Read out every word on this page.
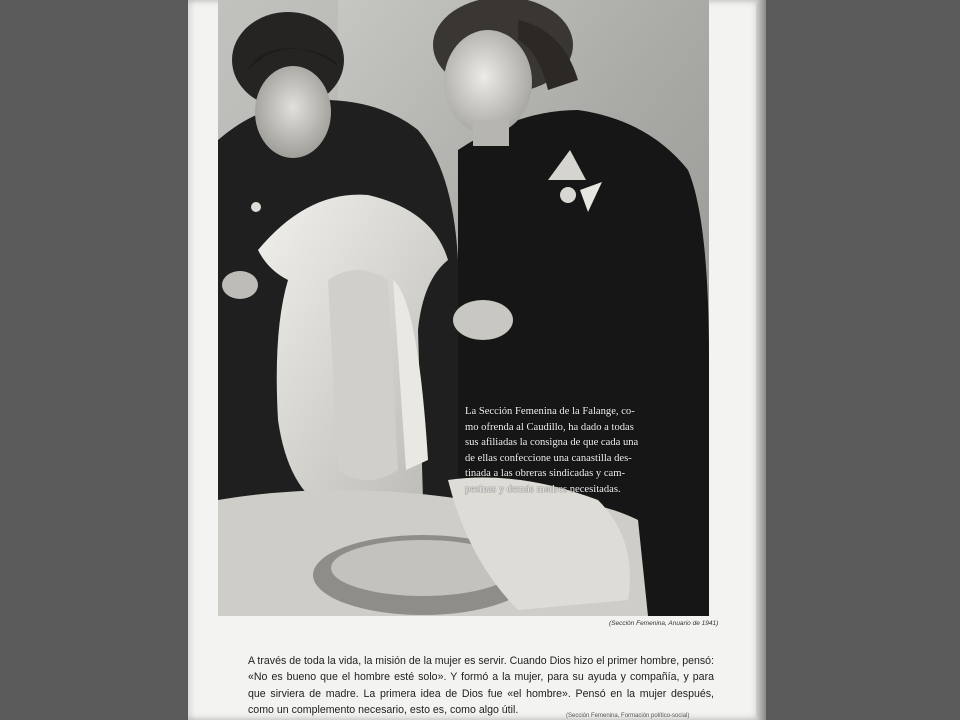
La Sección Femenina de la Falange, co-
mo ofrenda al Caudillo, ha dado a todas
sus afiliadas la consigna de que cada una
de ellas confeccione una canastilla des-
tinada a las obreras sindicadas y cam-
pesinas y demás madres necesitadas.
(Sección Femenina, Anuario de 1941)
A través de toda la vida, la misión de la mujer es servir. Cuando Dios hizo el primer hombre, pensó: «No es bueno que el hombre esté solo». Y formó a la mujer, para su ayuda y compañía, y para que sirviera de madre. La primera idea de Dios fue «el hombre». Pensó en la mujer después, como un complemento necesario, esto es, como algo útil.	(Sección Femenina, Formación político-social)
